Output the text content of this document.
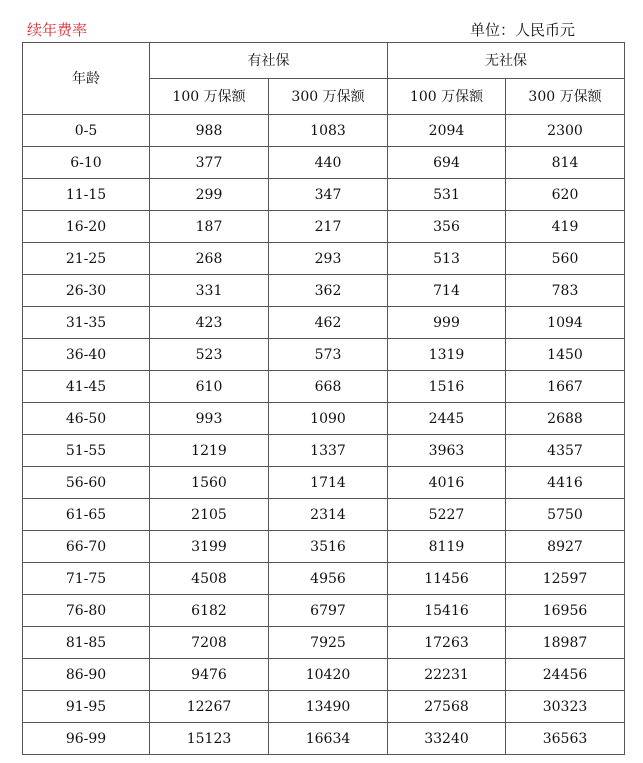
续年费率	单位：人民币元
年龄	有社保		无社保	
	100 万保额	300 万保额	100 万保额	300 万保额
0-5	988	1083	2094	2300
6-10	377	440	694	814
11-15	299	347	531	620
16-20	187	217	356	419
21-25	268	293	513	560
26-30	331	362	714	783
31-35	423	462	999	1094
36-40	523	573	1319	1450
41-45	610	668	1516	1667
46-50	993	1090	2445	2688
51-55	1219	1337	3963	4357
56-60	1560	1714	4016	4416
61-65	2105	2314	5227	5750
66-70	3199	3516	8119	8927
71-75	4508	4956	11456	12597
76-80	6182	6797	15416	16956
81-85	7208	7925	17263	18987
86-90	9476	10420	22231	24456
91-95	12267	13490	27568	30323
96-99	15123	16634	33240	36563
